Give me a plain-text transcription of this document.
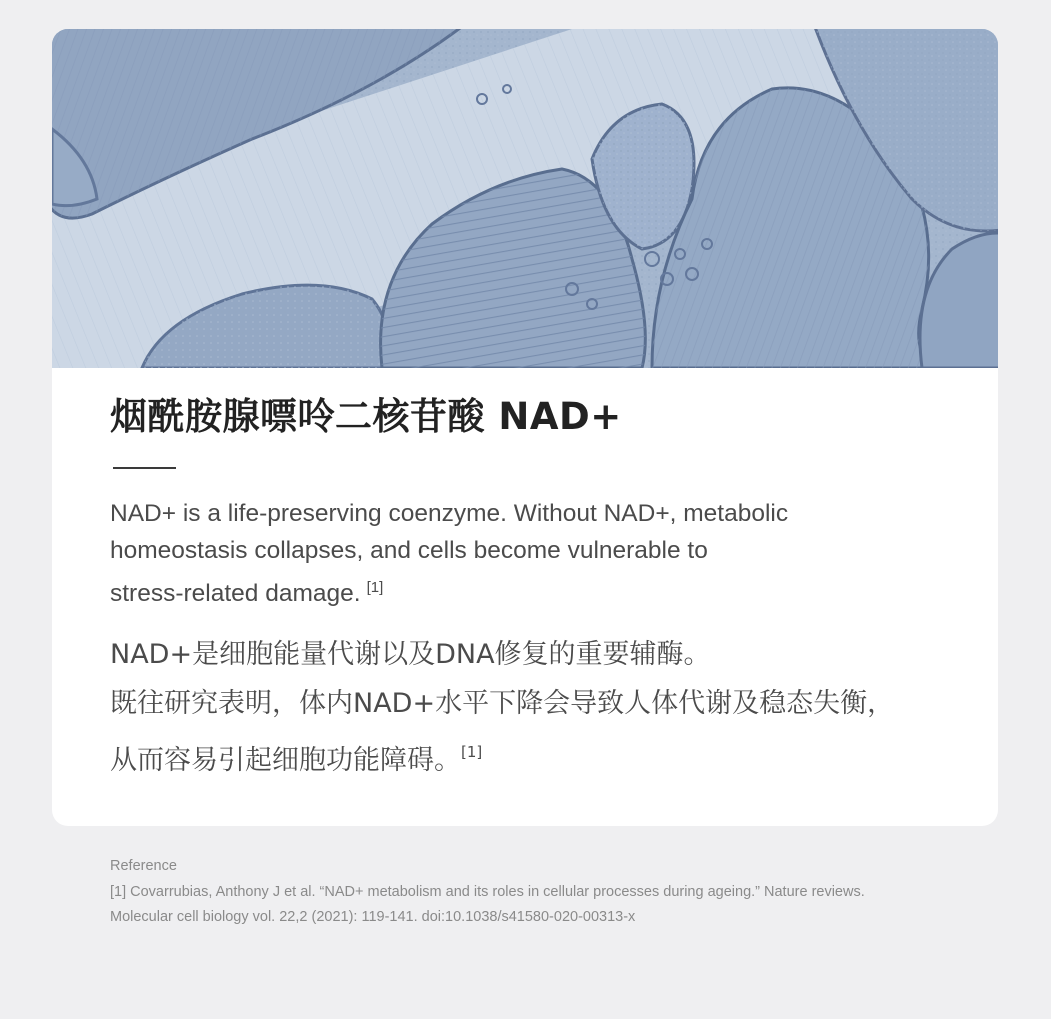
烟酰胺腺嘌呤二核苷酸 NAD+

NAD+ is a life-preserving coenzyme. Without NAD+, metabolic
homeostasis collapses, and cells become vulnerable to
stress-related damage. [1]

NAD+是细胞能量代谢以及DNA修复的重要辅酶。
既往研究表明，体内NAD+水平下降会导致人体代谢及稳态失衡，
从而容易引起细胞功能障碍。[1]

Reference
[1] Covarrubias, Anthony J et al. “NAD+ metabolism and its roles in cellular processes during ageing.” Nature reviews.
Molecular cell biology vol. 22,2 (2021): 119-141. doi:10.1038/s41580-020-00313-x
